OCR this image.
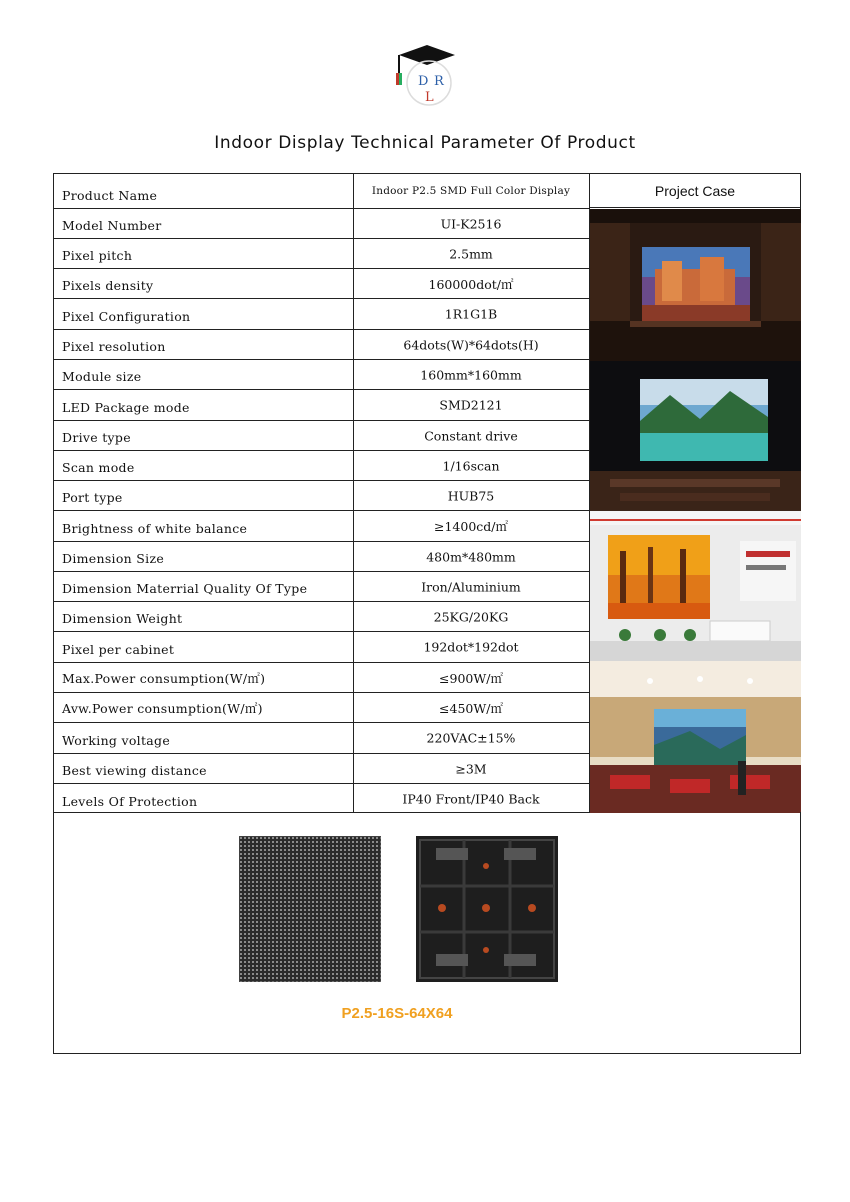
D R
L
Indoor Display Technical Parameter Of Product
Project Case
Product Name	Indoor P2.5 SMD Full Color Display
Model Number	UI-K2516
Pixel pitch	2.5mm
Pixels density	160000dot/㎡
Pixel Configuration	1R1G1B
Pixel resolution	64dots(W)*64dots(H)
Module size	160mm*160mm
LED Package mode	SMD2121
Drive type	Constant drive
Scan mode	1/16scan
Port type	HUB75
Brightness of white balance	≥1400cd/㎡
Dimension Size	480m*480mm
Dimension Materrial Quality Of Type	Iron/Aluminium
Dimension Weight	25KG/20KG
Pixel per cabinet	192dot*192dot
Max.Power consumption(W/㎡)	≤900W/㎡
Avw.Power consumption(W/㎡)	≤450W/㎡
Working voltage	220VAC±15%
Best viewing distance	≥3M
Levels Of Protection	IP40 Front/IP40 Back
P2.5-16S-64X64
